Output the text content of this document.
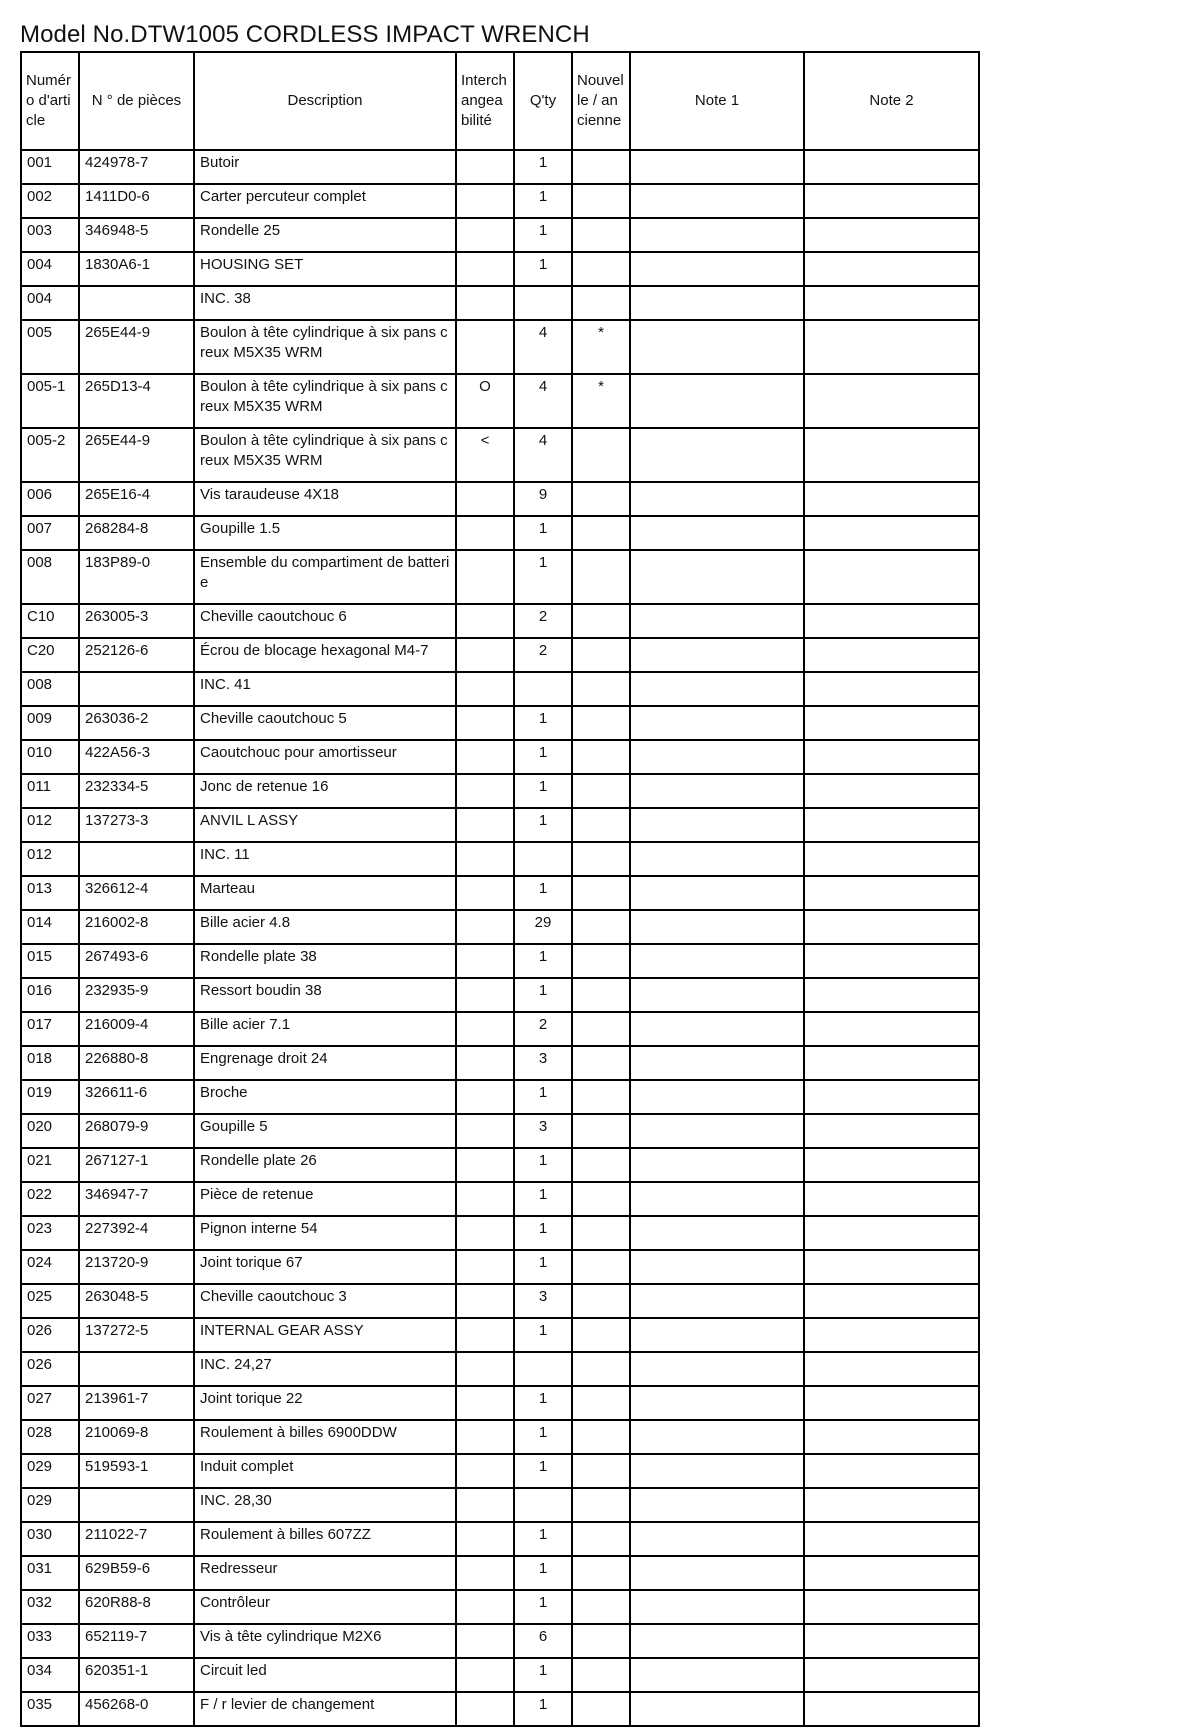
Model No.DTW1005 CORDLESS IMPACT WRENCH
Numéro d'article	N ° de pièces	Description	Interchangeabilité	Q'ty	Nouvelle / ancienne	Note 1	Note 2
001	424978-7	Butoir		1			
002	1411D0-6	Carter percuteur complet		1			
003	346948-5	Rondelle 25		1			
004	1830A6-1	HOUSING SET		1			
004		INC. 38					
005	265E44-9	Boulon à tête cylindrique à six pans creux M5X35 WRM		4	*		
005-1	265D13-4	Boulon à tête cylindrique à six pans creux M5X35 WRM	O	4	*		
005-2	265E44-9	Boulon à tête cylindrique à six pans creux M5X35 WRM	<	4			
006	265E16-4	Vis taraudeuse 4X18		9			
007	268284-8	Goupille 1.5		1			
008	183P89-0	Ensemble du compartiment de batterie		1			
C10	263005-3	Cheville caoutchouc 6		2			
C20	252126-6	Écrou de blocage hexagonal M4-7		2			
008		INC. 41					
009	263036-2	Cheville caoutchouc 5		1			
010	422A56-3	Caoutchouc pour amortisseur		1			
011	232334-5	Jonc de retenue 16		1			
012	137273-3	ANVIL L ASSY		1			
012		INC. 11					
013	326612-4	Marteau		1			
014	216002-8	Bille acier 4.8		29			
015	267493-6	Rondelle plate 38		1			
016	232935-9	Ressort boudin 38		1			
017	216009-4	Bille acier 7.1		2			
018	226880-8	Engrenage droit 24		3			
019	326611-6	Broche		1			
020	268079-9	Goupille 5		3			
021	267127-1	Rondelle plate 26		1			
022	346947-7	Pièce de retenue		1			
023	227392-4	Pignon interne 54		1			
024	213720-9	Joint torique 67		1			
025	263048-5	Cheville caoutchouc 3		3			
026	137272-5	INTERNAL GEAR ASSY		1			
026		INC. 24,27					
027	213961-7	Joint torique 22		1			
028	210069-8	Roulement à billes 6900DDW		1			
029	519593-1	Induit complet		1			
029		INC. 28,30					
030	211022-7	Roulement à billes 607ZZ		1			
031	629B59-6	Redresseur		1			
032	620R88-8	Contrôleur		1			
033	652119-7	Vis à tête cylindrique M2X6		6			
034	620351-1	Circuit led		1			
035	456268-0	F / r levier de changement		1			
